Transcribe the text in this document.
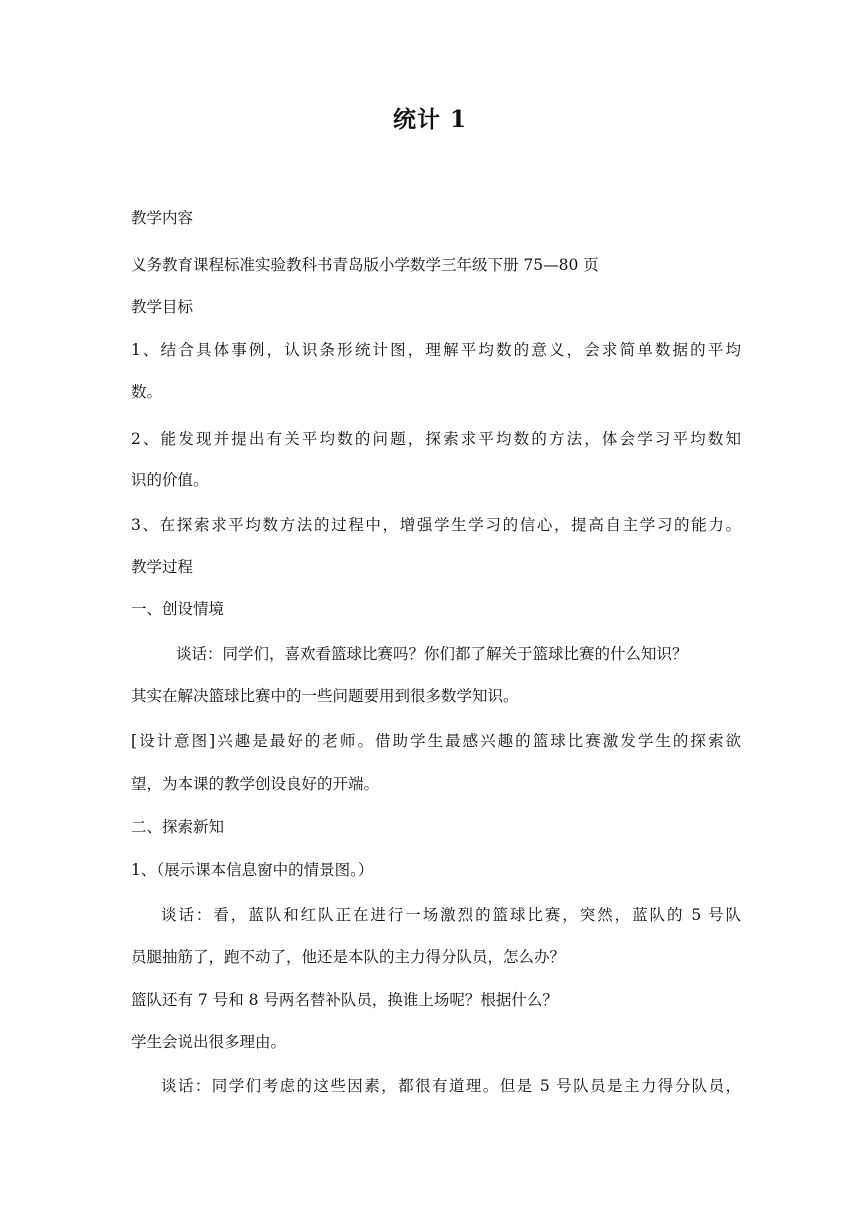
统计 1
教学内容
义务教育课程标准实验教科书青岛版小学数学三年级下册 75—80 页
教学目标
1、结合具体事例，认识条形统计图，理解平均数的意义，会求简单数据的平均
数。
2、能发现并提出有关平均数的问题，探索求平均数的方法，体会学习平均数知
识的价值。
3、在探索求平均数方法的过程中，增强学生学习的信心，提高自主学习的能力。
教学过程
一、创设情境
谈话：同学们，喜欢看篮球比赛吗？你们都了解关于篮球比赛的什么知识？
其实在解决篮球比赛中的一些问题要用到很多数学知识。
[设计意图]兴趣是最好的老师。借助学生最感兴趣的篮球比赛激发学生的探索欲
望，为本课的教学创设良好的开端。
二、探索新知
1、（展示课本信息窗中的情景图。）
谈话：看，蓝队和红队正在进行一场激烈的篮球比赛，突然，蓝队的 5 号队
员腿抽筋了，跑不动了，他还是本队的主力得分队员，怎么办？
篮队还有 7 号和 8 号两名替补队员，换谁上场呢？根据什么？
学生会说出很多理由。
谈话：同学们考虑的这些因素，都很有道理。但是 5 号队员是主力得分队员，
